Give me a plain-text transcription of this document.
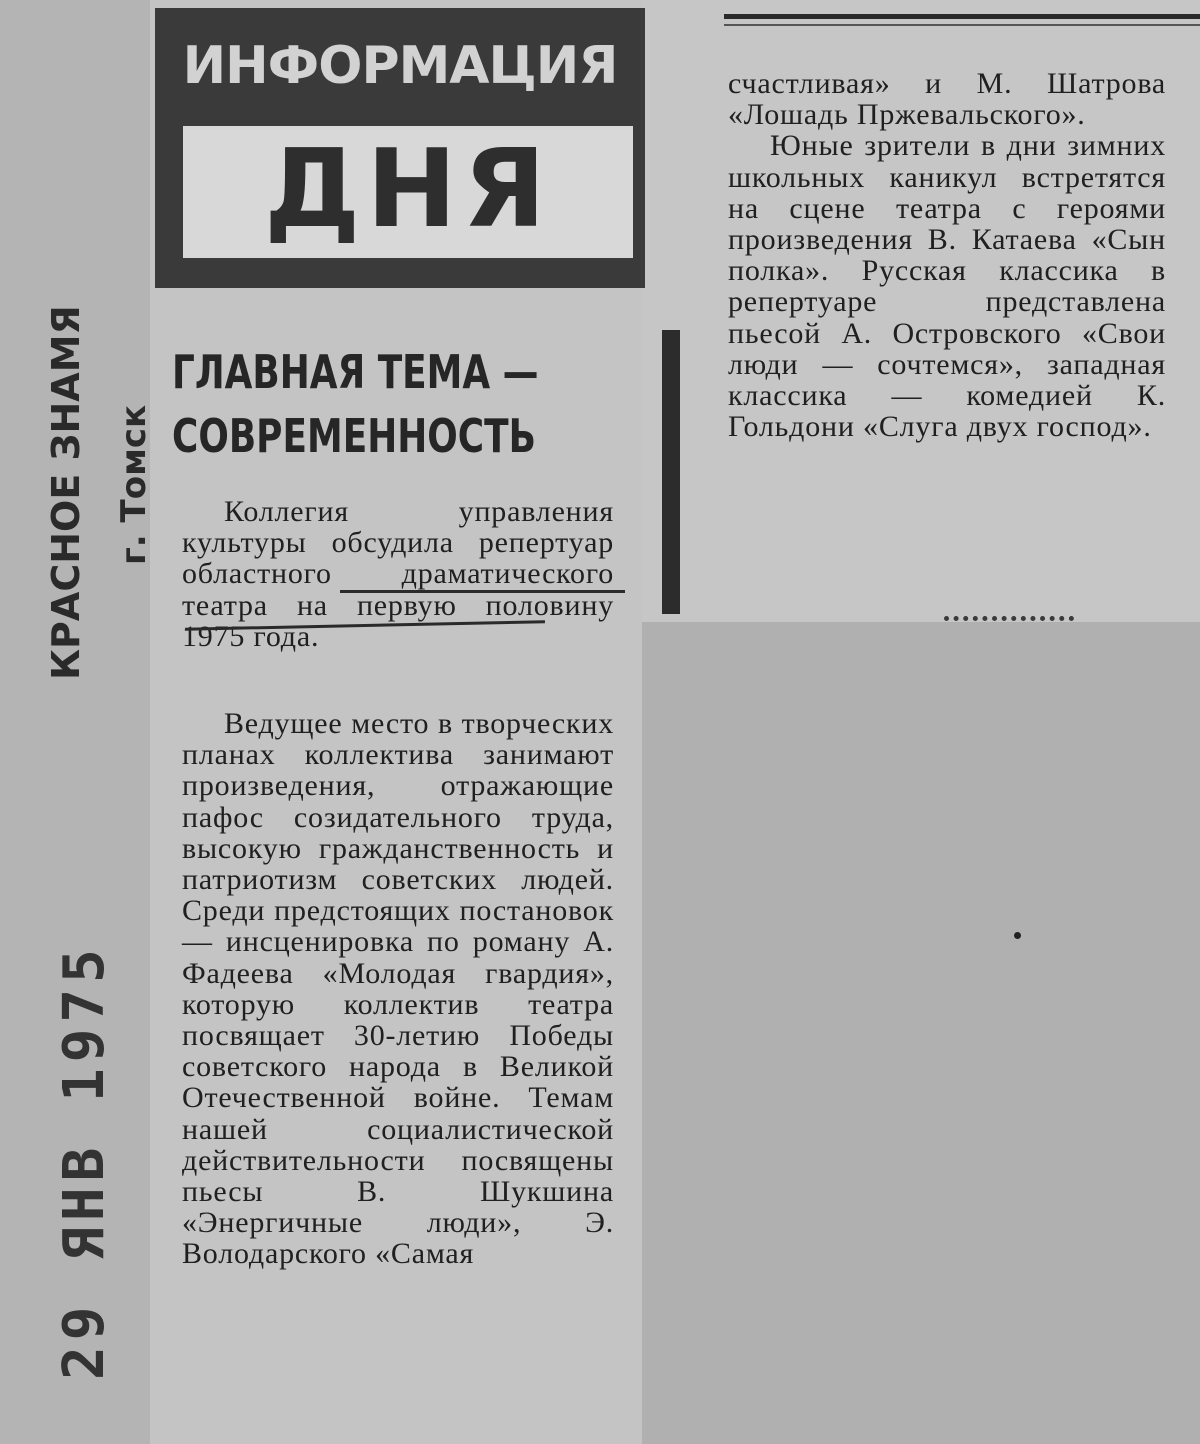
ИНФОРМАЦИЯ
ДНЯ
ГЛАВНАЯ ТЕМА —
СОВРЕМЕННОСТЬ

Коллегия управления культуры обсудила репертуар областного драматического театра на первую половину 1975 года.

Ведущее место в творческих планах коллектива занимают произведения, отражающие пафос созидательного труда, высокую гражданственность и патриотизм советских людей. Среди предстоящих постановок — инсценировка по роману А. Фадеева «Молодая гвардия», которую коллектив театра посвящает 30-летию Победы советского народа в Великой Отечественной войне. Темам нашей социалистической действительности посвящены пьесы В. Шукшина «Энергичные люди», Э. Володарского «Самая

счастливая» и М. Шатрова «Лошадь Пржевальского».

Юные зрители в дни зимних школьных каникул встретятся на сцене театра с героями произведения В. Катаева «Сын полка». Русская классика в репертуаре представлена пьесой А. Островского «Свои люди — сочтемся», западная классика — комедией К. Гольдони «Слуга двух господ».

КРАСНОЕ ЗНАМЯ г. Томск
29 ЯНВ 1975
